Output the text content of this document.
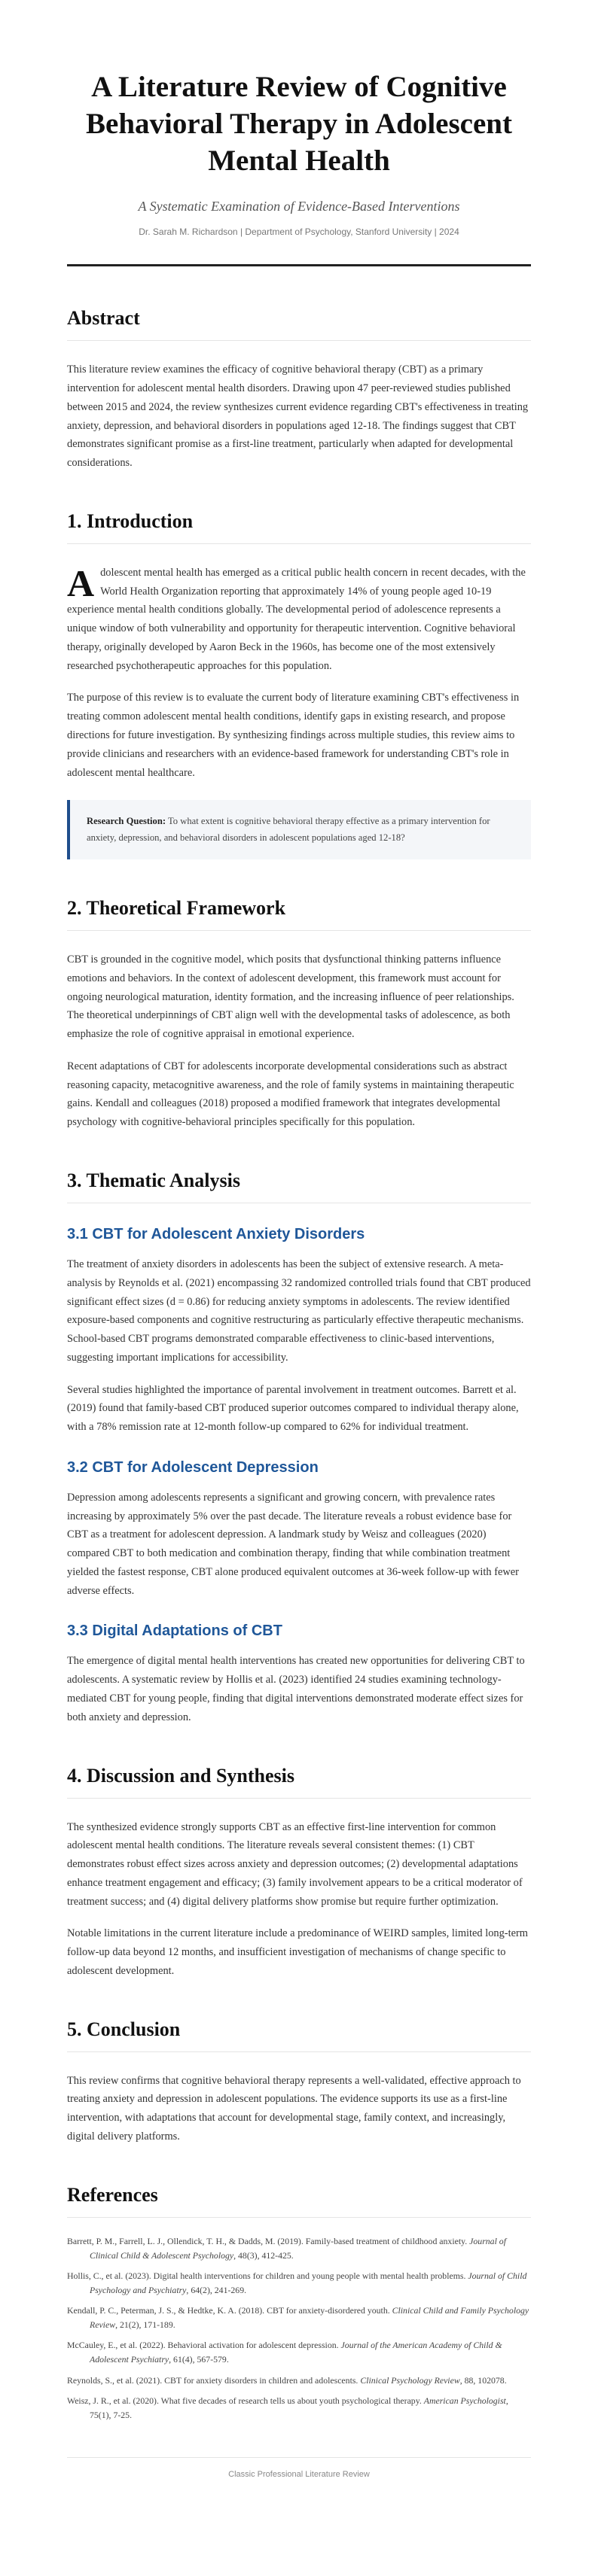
A Literature Review of Cognitive Behavioral Therapy in Adolescent Mental Health
A Systematic Examination of Evidence-Based Interventions
Dr. Sarah M. Richardson | Department of Psychology, Stanford University | 2024
Abstract

This literature review examines the efficacy of cognitive behavioral therapy (CBT) as a primary intervention for adolescent mental health disorders. Drawing upon 47 peer-reviewed studies published between 2015 and 2024, the review synthesizes current evidence regarding CBT's effectiveness in treating anxiety, depression, and behavioral disorders in populations aged 12-18. The findings suggest that CBT demonstrates significant promise as a first-line treatment, particularly when adapted for developmental considerations.

1. Introduction

Adolescent mental health has emerged as a critical public health concern in recent decades, with the World Health Organization reporting that approximately 14% of young people aged 10-19 experience mental health conditions globally. The developmental period of adolescence represents a unique window of both vulnerability and opportunity for therapeutic intervention. Cognitive behavioral therapy, originally developed by Aaron Beck in the 1960s, has become one of the most extensively researched psychotherapeutic approaches for this population.

The purpose of this review is to evaluate the current body of literature examining CBT's effectiveness in treating common adolescent mental health conditions, identify gaps in existing research, and propose directions for future investigation. By synthesizing findings across multiple studies, this review aims to provide clinicians and researchers with an evidence-based framework for understanding CBT's role in adolescent mental healthcare.

Research Question: To what extent is cognitive behavioral therapy effective as a primary intervention for anxiety, depression, and behavioral disorders in adolescent populations aged 12-18?
2. Theoretical Framework

CBT is grounded in the cognitive model, which posits that dysfunctional thinking patterns influence emotions and behaviors. In the context of adolescent development, this framework must account for ongoing neurological maturation, identity formation, and the increasing influence of peer relationships. The theoretical underpinnings of CBT align well with the developmental tasks of adolescence, as both emphasize the role of cognitive appraisal in emotional experience.

Recent adaptations of CBT for adolescents incorporate developmental considerations such as abstract reasoning capacity, metacognitive awareness, and the role of family systems in maintaining therapeutic gains. Kendall and colleagues (2018) proposed a modified framework that integrates developmental psychology with cognitive-behavioral principles specifically for this population.

3. Thematic Analysis
3.1 CBT for Adolescent Anxiety Disorders

The treatment of anxiety disorders in adolescents has been the subject of extensive research. A meta-analysis by Reynolds et al. (2021) encompassing 32 randomized controlled trials found that CBT produced significant effect sizes (d = 0.86) for reducing anxiety symptoms in adolescents. The review identified exposure-based components and cognitive restructuring as particularly effective therapeutic mechanisms. School-based CBT programs demonstrated comparable effectiveness to clinic-based interventions, suggesting important implications for accessibility.

Several studies highlighted the importance of parental involvement in treatment outcomes. Barrett et al. (2019) found that family-based CBT produced superior outcomes compared to individual therapy alone, with a 78% remission rate at 12-month follow-up compared to 62% for individual treatment.

3.2 CBT for Adolescent Depression

Depression among adolescents represents a significant and growing concern, with prevalence rates increasing by approximately 5% over the past decade. The literature reveals a robust evidence base for CBT as a treatment for adolescent depression. A landmark study by Weisz and colleagues (2020) compared CBT to both medication and combination therapy, finding that while combination treatment yielded the fastest response, CBT alone produced equivalent outcomes at 36-week follow-up with fewer adverse effects.

3.3 Digital Adaptations of CBT

The emergence of digital mental health interventions has created new opportunities for delivering CBT to adolescents. A systematic review by Hollis et al. (2023) identified 24 studies examining technology-mediated CBT for young people, finding that digital interventions demonstrated moderate effect sizes for both anxiety and depression.

4. Discussion and Synthesis

The synthesized evidence strongly supports CBT as an effective first-line intervention for common adolescent mental health conditions. The literature reveals several consistent themes: (1) CBT demonstrates robust effect sizes across anxiety and depression outcomes; (2) developmental adaptations enhance treatment engagement and efficacy; (3) family involvement appears to be a critical moderator of treatment success; and (4) digital delivery platforms show promise but require further optimization.

Notable limitations in the current literature include a predominance of WEIRD samples, limited long-term follow-up data beyond 12 months, and insufficient investigation of mechanisms of change specific to adolescent development.

5. Conclusion

This review confirms that cognitive behavioral therapy represents a well-validated, effective approach to treating anxiety and depression in adolescent populations. The evidence supports its use as a first-line intervention, with adaptations that account for developmental stage, family context, and increasingly, digital delivery platforms.

References
Barrett, P. M., Farrell, L. J., Ollendick, T. H., & Dadds, M. (2019). Family-based treatment of childhood anxiety. Journal of Clinical Child & Adolescent Psychology, 48(3), 412-425.
Hollis, C., et al. (2023). Digital health interventions for children and young people with mental health problems. Journal of Child Psychology and Psychiatry, 64(2), 241-269.
Kendall, P. C., Peterman, J. S., & Hedtke, K. A. (2018). CBT for anxiety-disordered youth. Clinical Child and Family Psychology Review, 21(2), 171-189.
McCauley, E., et al. (2022). Behavioral activation for adolescent depression. Journal of the American Academy of Child & Adolescent Psychiatry, 61(4), 567-579.
Reynolds, S., et al. (2021). CBT for anxiety disorders in children and adolescents. Clinical Psychology Review, 88, 102078.
Weisz, J. R., et al. (2020). What five decades of research tells us about youth psychological therapy. American Psychologist, 75(1), 7-25.
Classic Professional Literature Review
